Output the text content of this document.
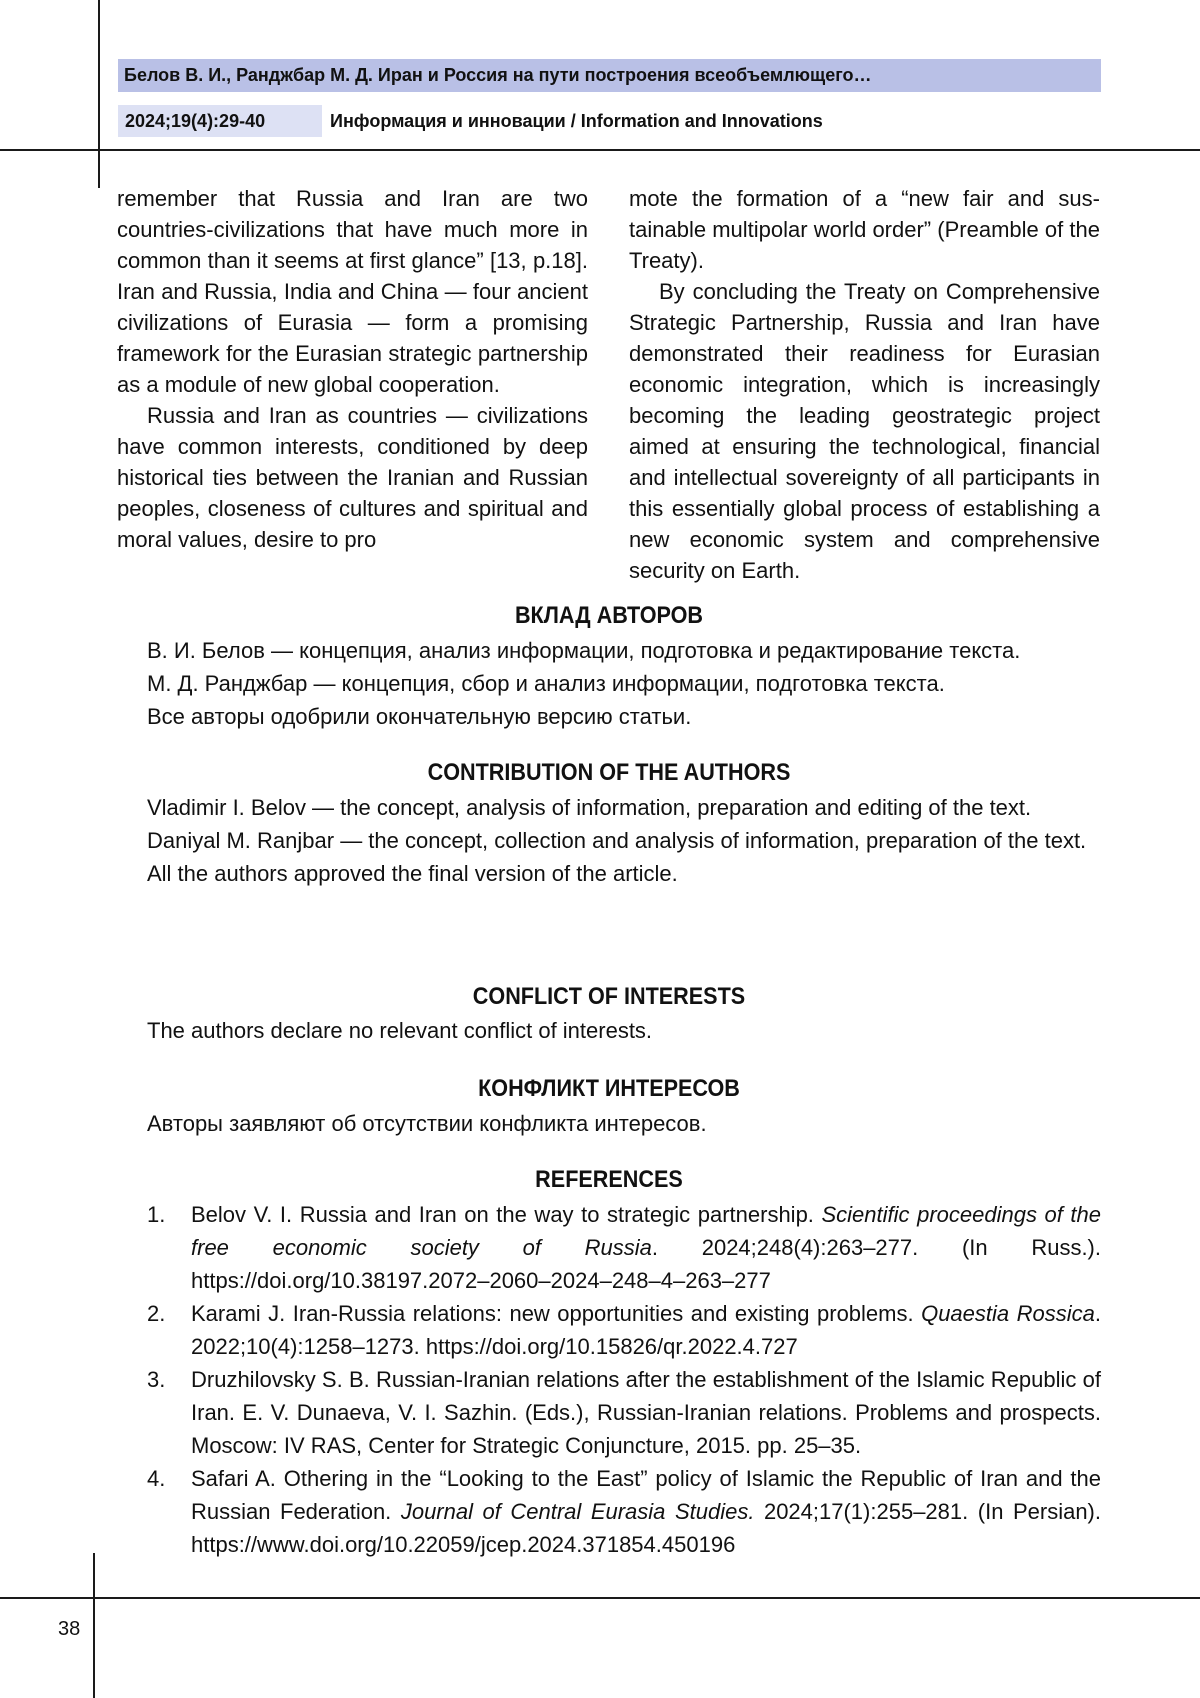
Белов В. И., Ранджбар М. Д. Иран и Россия на пути построения всеобъемлющего…
2024;19(4):29-40	Информация и инновации / Information and Innovations

remember that Russia and Iran are two countries-civilizations that have much more in common than it seems at first glance” [13, p.18]. Iran and Russia, India and China — four ancient civilizations of Eurasia — form a promising framework for the Eurasian strategic partnership as a module of new global cooperation.

Russia and Iran as countries — civilizations have common interests, conditioned by deep historical ties between the Iranian and Russian peoples, closeness of cultures and spiritual and moral values, desire to pro

mote the formation of a “new fair and sustainable multipolar world order” (Preamble of the Treaty).

By concluding the Treaty on Comprehensive Strategic Partnership, Russia and Iran have demonstrated their readiness for Eurasian economic integration, which is increasingly becoming the leading geostrategic project aimed at ensuring the technological, financial and intellectual sovereignty of all participants in this essentially global process of establishing a new economic system and comprehensive security on Earth.

ВКЛАД АВТОРОВ

В. И. Белов — концепция, анализ информации, подготовка и редактирование текста.

М. Д. Ранджбар — концепция, сбор и анализ информации, подготовка текста.

Все авторы одобрили окончательную версию статьи.

CONTRIBUTION OF THE AUTHORS

Vladimir I. Belov — the concept, analysis of information, preparation and editing of the text.

Daniyal M. Ranjbar — the concept, collection and analysis of information, preparation of the text.

All the authors approved the final version of the article.

CONFLICT OF INTERESTS

The authors declare no relevant conflict of interests.

КОНФЛИКТ ИНТЕРЕСОВ

Авторы заявляют об отсутствии конфликта интересов.

REFERENCES
1. Belov V. I. Russia and Iran on the way to strategic partnership. Scientific proceedings of the free economic society of Russia. 2024;248(4):263–277. (In Russ.). https://doi.org/10.38197.2072–2060–2024–248–4–263–277
2. Karami J. Iran-Russia relations: new opportunities and existing problems. Quaestia Rossica. 2022;10(4):1258–1273. https://doi.org/10.15826/qr.2022.4.727
3. Druzhilovsky S. B. Russian-Iranian relations after the establishment of the Islamic Republic of Iran. E. V. Dunaeva, V. I. Sazhin. (Eds.), Russian-Iranian relations. Problems and prospects. Moscow: IV RAS, Center for Strategic Conjuncture, 2015. pp. 25–35.
4. Safari A. Othering in the “Looking to the East” policy of Islamic the Republic of Iran and the Russian Federation. Journal of Central Eurasia Studies. 2024;17(1):255–281. (In Persian). https://www.doi.org/10.22059/jcep.2024.371854.450196
38
